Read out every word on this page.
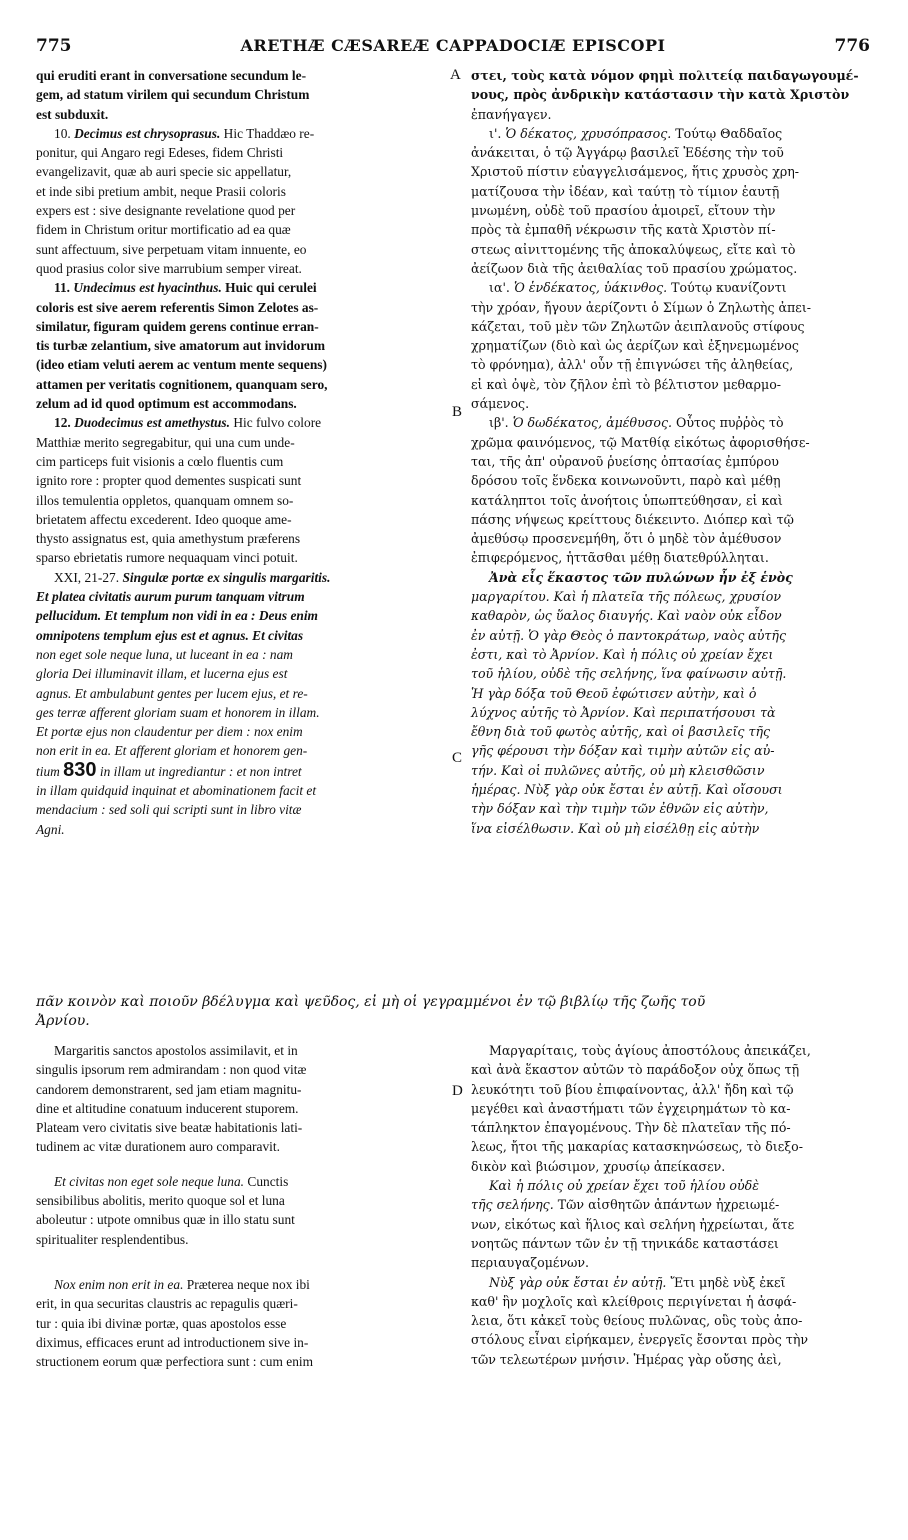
775	ARETHÆ CÆSAREÆ CAPPADOCIÆ EPISCOPI	776
A
B
C
D

qui eruditi erant in conversatione secundum le-

gem, ad statum virilem qui secundum Christum

est subduxit.

10. Decimus est chrysoprasus. Hic Thaddæo re-

ponitur, qui Angaro regi Edeses, fidem Christi

evangelizavit, quæ ab auri specie sic appellatur,

et inde sibi pretium ambit, neque Prasii coloris

expers est : sive designante revelatione quod per

fidem in Christum oritur mortificatio ad ea quæ

sunt affectuum, sive perpetuam vitam innuente, eo

quod prasius color sive marrubium semper vireat.

11. Undecimus est hyacinthus. Huic qui cerulei

coloris est sive aerem referentis Simon Zelotes as-

similatur, figuram quidem gerens continue erran-

tis turbæ zelantium, sive amatorum aut invidorum

(ideo etiam veluti aerem ac ventum mente sequens)

attamen per veritatis cognitionem, quanquam sero,

zelum ad id quod optimum est accommodans.

12. Duodecimus est amethystus. Hic fulvo colore

Matthiæ merito segregabitur, qui una cum unde-

cim particeps fuit visionis a cœlo fluentis cum

ignito rore : propter quod dementes suspicati sunt

illos temulentia oppletos, quanquam omnem so-

brietatem affectu excederent. Ideo quoque ame-

thysto assignatus est, quia amethystum præferens

sparso ebrietatis rumore nequaquam vinci potuit.

XXI, 21-27. Singulæ portæ ex singulis margaritis.

Et platea civitatis aurum purum tanquam vitrum

pellucidum. Et templum non vidi in ea : Deus enim

omnipotens templum ejus est et agnus. Et civitas

non eget sole neque luna, ut luceant in ea : nam

gloria Dei illuminavit illam, et lucerna ejus est

agnus. Et ambulabunt gentes per lucem ejus, et re-

ges terræ afferent gloriam suam et honorem in illam.

Et portæ ejus non claudentur per diem : nox enim

non erit in ea. Et afferent gloriam et honorem gen-

tium 830 in illam ut ingrediantur : et non intret

in illam quidquid inquinat et abominationem facit et

mendacium : sed soli qui scripti sunt in libro vitæ

Agni.

στει, τοὺς κατὰ νόμον φημὶ πολιτείᾳ παιδαγωγουμέ-

νους, πρὸς ἀνδρικὴν κατάστασιν τὴν κατὰ Χριστὸν

ἐπανήγαγεν.

ι'. Ὁ δέκατος, χρυσόπρασος. Τούτῳ Θαδδαῖος

ἀνάκειται, ὁ τῷ Ἀγγάρῳ βασιλεῖ Ἐδέσης τὴν τοῦ

Χριστοῦ πίστιν εὐαγγελισάμενος, ἥτις χρυσὸς χρη-

ματίζουσα τὴν ἰδέαν, καὶ ταύτῃ τὸ τίμιον ἑαυτῇ

μνωμένη, οὐδὲ τοῦ πρασίου ἀμοιρεῖ, εἴτουν τὴν

πρὸς τὰ ἐμπαθῆ νέκρωσιν τῆς κατὰ Χριστὸν πί-

στεως αἰνιττομένης τῆς ἀποκαλύψεως, εἴτε καὶ τὸ

ἀείζωον διὰ τῆς ἀειθαλίας τοῦ πρασίου χρώματος.

ια'. Ὁ ἑνδέκατος, ὑάκινθος. Τούτῳ κυανίζοντι

τὴν χρόαν, ἤγουν ἀερίζοντι ὁ Σίμων ὁ Ζηλωτὴς ἀπει-

κάζεται, τοῦ μὲν τῶν Ζηλωτῶν ἀειπλανοῦς στίφους

χρηματίζων (διὸ καὶ ὡς ἀερίζων καὶ ἐξηνεμωμένος

τὸ φρόνημα), ἀλλ' οὖν τῇ ἐπιγνώσει τῆς ἀληθείας,

εἰ καὶ ὀψὲ, τὸν ζῆλον ἐπὶ τὸ βέλτιστον μεθαρμο-

σάμενος.

ιβ'. Ὁ δωδέκατος, ἀμέθυσος. Οὗτος πυῤῥὸς τὸ

χρῶμα φαινόμενος, τῷ Ματθίᾳ εἰκότως ἀφορισθήσε-

ται, τῆς ἀπ' οὐρανοῦ ῥυείσης ὀπτασίας ἐμπύρου

δρόσου τοῖς ἕνδεκα κοινωνοῦντι, παρὸ καὶ μέθῃ

κατάληπτοι τοῖς ἀνοήτοις ὑπωπτεύθησαν, εἰ καὶ

πάσης νήψεως κρείττους διέκειντο. Διόπερ καὶ τῷ

ἀμεθύσῳ προσενεμήθη, ὅτι ὁ μηδὲ τὸν ἀμέθυσον

ἐπιφερόμενος, ἡττᾶσθαι μέθῃ διατεθρύλληται.

Ἀνὰ εἷς ἕκαστος τῶν πυλώνων ἦν ἐξ ἑνὸς

μαργαρίτου. Καὶ ἡ πλατεῖα τῆς πόλεως, χρυσίον

καθαρὸν, ὡς ὕαλος διαυγής. Καὶ ναὸν οὐκ εἶδον

ἐν αὐτῇ. Ὁ γὰρ Θεὸς ὁ παντοκράτωρ, ναὸς αὐτῆς

ἐστι, καὶ τὸ Ἀρνίον. Καὶ ἡ πόλις οὐ χρείαν ἔχει

τοῦ ἡλίου, οὐδὲ τῆς σελήνης, ἵνα φαίνωσιν αὐτῇ.

Ἡ γὰρ δόξα τοῦ Θεοῦ ἐφώτισεν αὐτὴν, καὶ ὁ

λύχνος αὐτῆς τὸ Ἀρνίον. Καὶ περιπατήσουσι τὰ

ἔθνη διὰ τοῦ φωτὸς αὐτῆς, καὶ οἱ βασιλεῖς τῆς

γῆς φέρουσι τὴν δόξαν καὶ τιμὴν αὐτῶν εἰς αὐ-

τήν. Καὶ οἱ πυλῶνες αὐτῆς, οὐ μὴ κλεισθῶσιν

ἡμέρας. Νὺξ γὰρ οὐκ ἔσται ἐν αὐτῇ. Καὶ οἴσουσι

τὴν δόξαν καὶ τὴν τιμὴν τῶν ἐθνῶν εἰς αὐτὴν,

ἵνα εἰσέλθωσιν. Καὶ οὐ μὴ εἰσέλθῃ εἰς αὐτὴν

πᾶν κοινὸν καὶ ποιοῦν βδέλυγμα καὶ ψεῦδος, εἰ μὴ οἱ γεγραμμένοι ἐν τῷ βιβλίῳ τῆς ζωῆς τοῦ

Ἀρνίου.

Margaritis sanctos apostolos assimilavit, et in

singulis ipsorum rem admirandam : non quod vitæ

candorem demonstrarent, sed jam etiam magnitu-

dine et altitudine conatuum inducerent stuporem.

Plateam vero civitatis sive beatæ habitationis lati-

tudinem ac vitæ durationem auro comparavit.

Et civitas non eget sole neque luna. Cunctis

sensibilibus abolitis, merito quoque sol et luna

aboleutur : utpote omnibus quæ in illo statu sunt

spiritualiter resplendentibus.

Nox enim non erit in ea. Præterea neque nox ibi

erit, in qua securitas claustris ac repagulis quæri-

tur : quia ibi divinæ portæ, quas apostolos esse

diximus, efficaces erunt ad introductionem sive in-

structionem eorum quæ perfectiora sunt : cum enim

Μαργαρίταις, τοὺς ἁγίους ἀποστόλους ἀπεικάζει,

καὶ ἀνὰ ἕκαστον αὐτῶν τὸ παράδοξον οὐχ ὅπως τῇ

λευκότητι τοῦ βίου ἐπιφαίνοντας, ἀλλ' ἤδη καὶ τῷ

μεγέθει καὶ ἀναστήματι τῶν ἐγχειρημάτων τὸ κα-

τάπληκτον ἐπαγομένους. Τὴν δὲ πλατεῖαν τῆς πό-

λεως, ἤτοι τῆς μακαρίας κατασκηνώσεως, τὸ διεξο-

δικὸν καὶ βιώσιμον, χρυσίῳ ἀπείκασεν.

Καὶ ἡ πόλις οὐ χρείαν ἔχει τοῦ ἡλίου οὐδὲ

τῆς σελήνης. Τῶν αἰσθητῶν ἁπάντων ἠχρειωμέ-

νων, εἰκότως καὶ ἥλιος καὶ σελήνη ἠχρείωται, ἅτε

νοητῶς πάντων τῶν ἐν τῇ τηνικάδε καταστάσει

περιαυγαζομένων.

Νὺξ γὰρ οὐκ ἔσται ἐν αὐτῇ. Ἔτι μηδὲ νὺξ ἐκεῖ

καθ' ἣν μοχλοῖς καὶ κλείθροις περιγίνεται ἡ ἀσφά-

λεια, ὅτι κἀκεῖ τοὺς θείους πυλῶνας, οὓς τοὺς ἀπο-

στόλους εἶναι εἰρήκαμεν, ἐνεργεῖς ἔσονται πρὸς τὴν

τῶν τελεωτέρων μνήσιν. Ἡμέρας γὰρ οὔσης ἀεὶ,
